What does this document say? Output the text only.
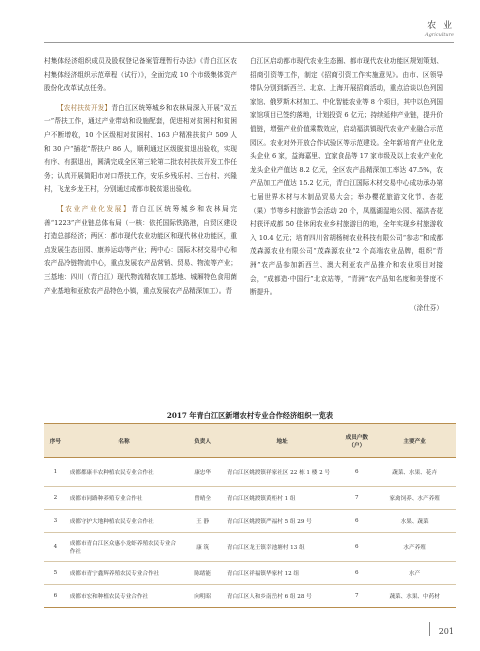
农 业
Agriculture

村集体经济组织成员及股权登记备案管理暂行办法》《青白江区农村集体经济组织示范章程（试行）》，全面完成 10 个市级集体资产股份化改革试点任务。

【农村扶贫开发】青白江区统筹城乡和农林局深入开展“双五一”帮扶工作，通过产业带动和设施配套，促进相对贫困村和贫困户不断增收，10 个区级相对贫困村、163 户精准扶贫户 509 人和 30 户“插花”帮扶户 86 人，顺利通过区级脱贫退出验收，实现有序、有据退出，圆满完成全区第三轮第二批农村扶贫开发工作任务；认真开展简阳市对口帮扶工作，安乐乡残乐村、三台村、兴隆村，飞龙乡龙王村，分别通过成都市脱贫退出验收。

【农业产业化发展】青白江区统筹城乡和农林局完善“1223”产业链总体布局（一核：依托国际铁路港，自贸区建设打造总部经济；两区：都市现代农业功能区和现代林业功能区，重点发展生态田园、康养运动等产业；两中心：国际木材交易中心和农产品冷链物流中心，重点发展农产品营销、贸易、物流等产业；三基地：四川（青白江）现代物流精农加工基地、城厢特色食用菌产业基地和亚欧农产品特色小镇，重点发展农产品精深加工）。青

白江区启动都市现代农业生态圈、都市现代农业功能区规划策划、招商引资等工作，制定《招商引资工作实施意见》。由市、区领导带队分别到新西兰、北京、上海开展招商活动，重点洽谈以色列国家馆、俄罗斯木材加工、中化智能农业等 8 个项目，其中以色列国家馆项目已签约落地，计划投资 6 亿元；持续延伸产业链，提升价值链，增强产业价值乘数效应，启动福洪镇现代农业产业融合示范园区。农业对外开放合作试验区等示范建设。全年新培育产业化龙头企业 6 家，益海嘉里、宜家食品等 17 家市级及以上农业产业化龙头企业产值达 8.2 亿元，全区农产品精深加工率达 47.5%，农产品加工产值达 15.2 亿元，青白江国际木材交易中心成功承办第七届世界木材与木制品贸易大会；举办樱花旅游文化节、杏花（果）节等乡村旅游节会活动 20 个，凤凰湖湿地公园、福洪杏花村获评成都 50 佳休闲农业乡村旅游目的地，全年实现乡村旅游收入 10.4 亿元；培育四川省胡杨树农业科技有限公司“参志”和成都茂森源农业有限公司“茂森源农业”2 个高端农业品牌，组织“青洲”农产品参加新西兰、澳大利亚农产品推介和农业项目对接会，“成都造·中国行”北京站等，“青洲”农产品知名度和美誉度不断提升。

（涂仕芬）
2017 年青白江区新增农村专业合作经济组织一览表
序号	名称	负责人	地址	成员户数（户）	主要产业
1	成都都康丰农种植农民专业合作社	康忠华	青白江区姚渡镇祥家社区 22 栋 1 楼 2 号	6	蔬菜、水果、花卉
2	成都市同路种养殖专业合作社	曾晴全	青白江区姚渡镇黄柜村 1 组	7	家禽饲养、水产养殖
3	成都守护大地种植农民专业合作社	王 静	青白江区姚渡镇严福村 5 组 29 号	6	水果、蔬菜
4	成都市青白江区众惠小龙虾养殖农民专业合作社	康 筑	青白江区龙王镇幸池塘村 13 组	6	水产养殖
5	成都市青宁鑫辉养殖农民专业合作社	陈绪能	青白江区祥福镇华家村 12 组	6	水产
6	成都市宏和种植农民专业合作社	向明昭	青白江区人和乡南岳村 6 组 28 号	7	蔬菜、水果、中药材
201
